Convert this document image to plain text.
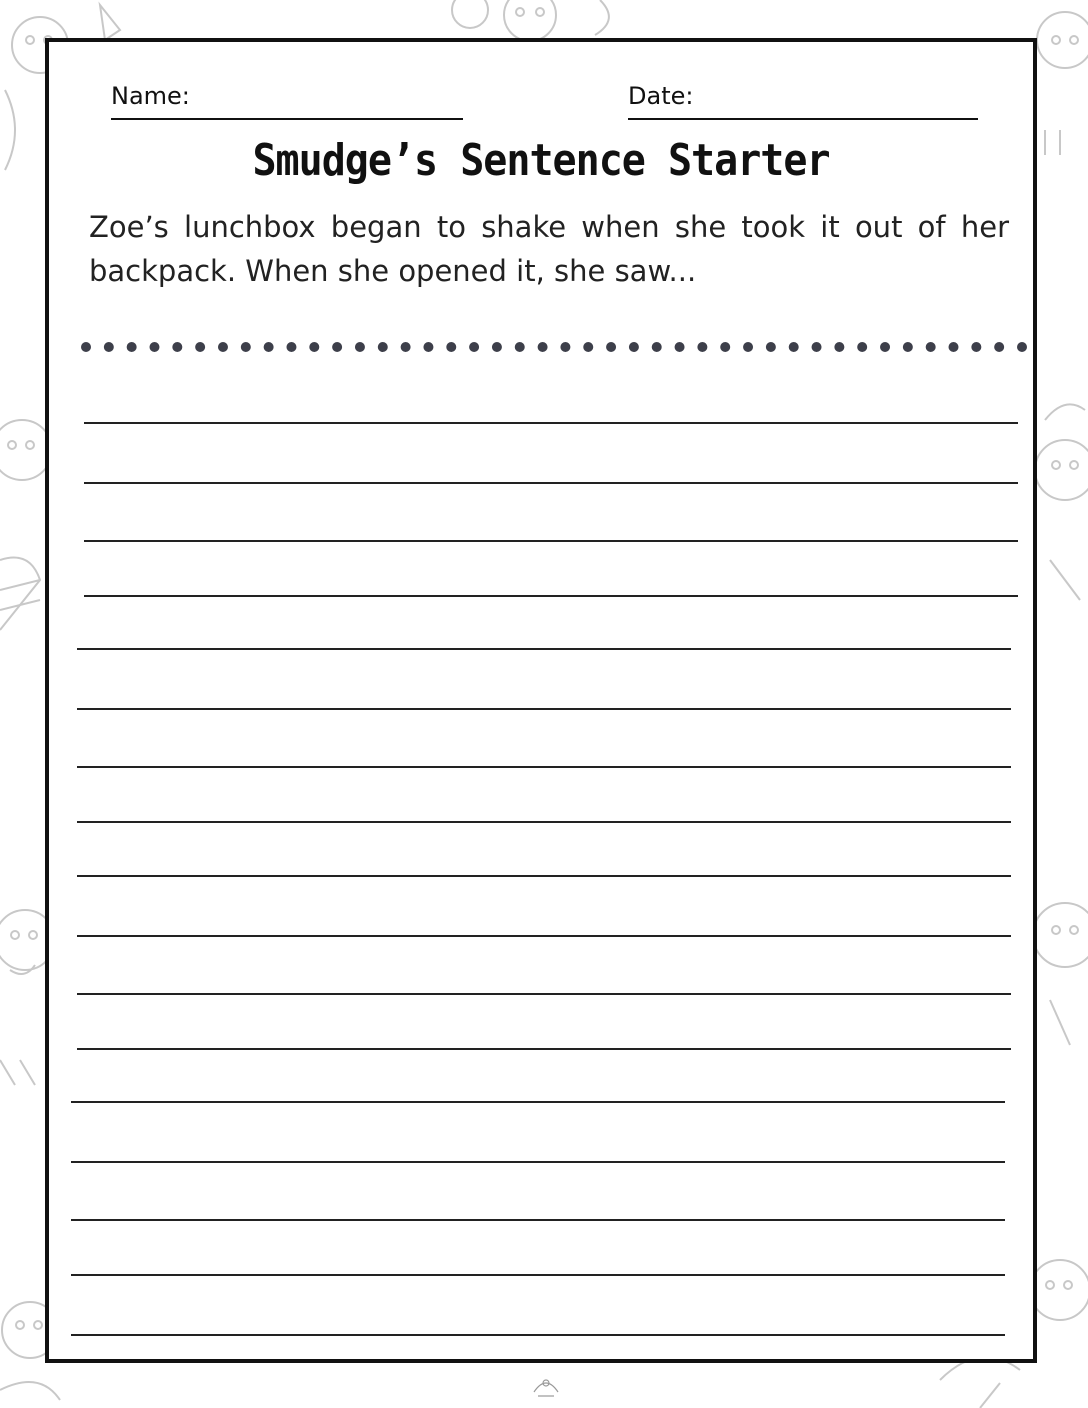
Name:	Date:
Smudge’s Sentence Starter
Zoe’s lunchbox began to shake when she took it out of her backpack. When she opened it, she saw...
